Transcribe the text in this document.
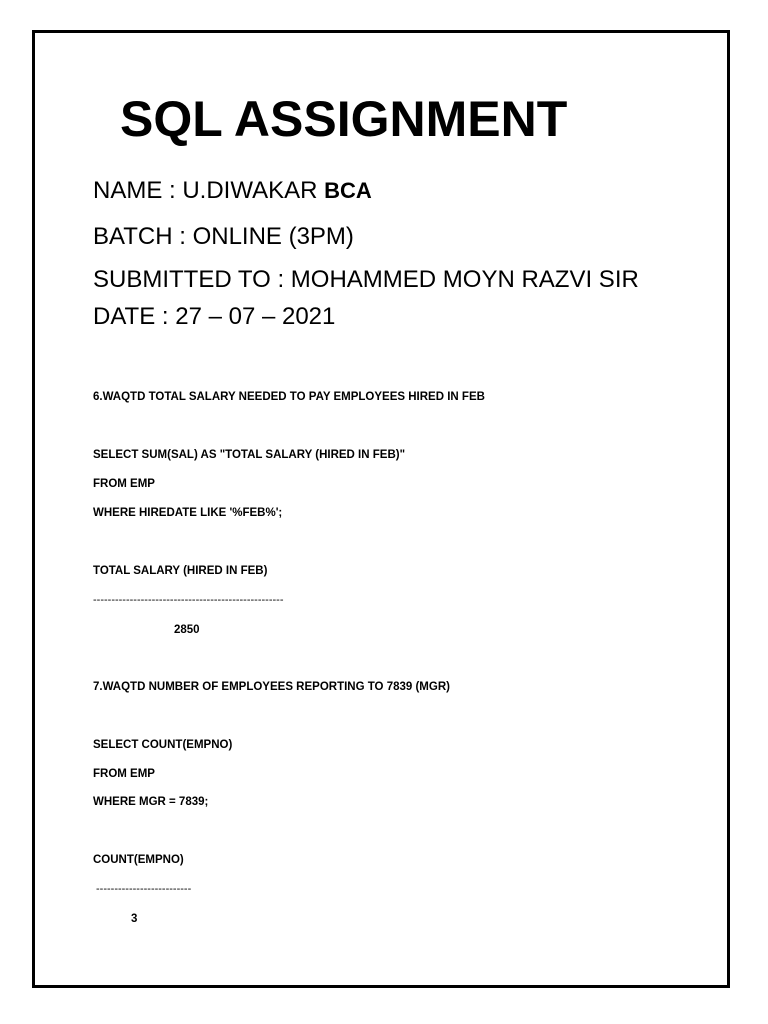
SQL ASSIGNMENT
NAME : U.DIWAKAR BCA
BATCH : ONLINE (3PM)
SUBMITTED TO : MOHAMMED MOYN RAZVI SIR
DATE : 27 – 07 – 2021
6.WAQTD TOTAL SALARY NEEDED TO PAY EMPLOYEES HIRED IN FEB
SELECT SUM(SAL) AS "TOTAL SALARY (HIRED IN FEB)"
FROM EMP
WHERE HIREDATE LIKE '%FEB%';
TOTAL SALARY (HIRED IN FEB)
----------------------------------------------------
2850
7.WAQTD NUMBER OF EMPLOYEES REPORTING TO 7839 (MGR)
SELECT COUNT(EMPNO)
FROM EMP
WHERE MGR = 7839;
COUNT(EMPNO)
--------------------------
3
